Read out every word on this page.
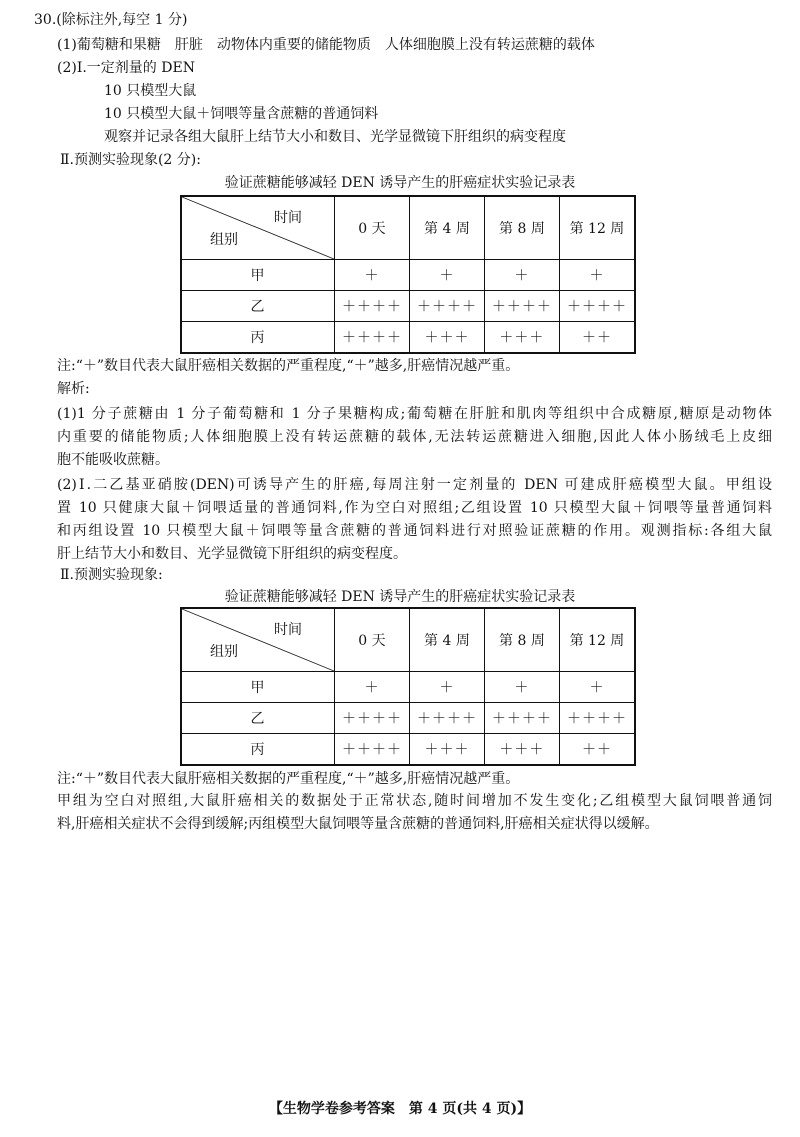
30.(除标注外,每空 1 分)
(1)葡萄糖和果糖　肝脏　动物体内重要的储能物质　人体细胞膜上没有转运蔗糖的载体
(2)Ⅰ.一定剂量的 DEN
10 只模型大鼠
10 只模型大鼠＋饲喂等量含蔗糖的普通饲料
观察并记录各组大鼠肝上结节大小和数目、光学显微镜下肝组织的病变程度
Ⅱ.预测实验现象(2 分):
验证蔗糖能够减轻 DEN 诱导产生的肝癌症状实验记录表
时间
组别	0 天	第 4 周	第 8 周	第 12 周
甲	＋	＋	＋	＋
乙	＋＋＋＋	＋＋＋＋	＋＋＋＋	＋＋＋＋
丙	＋＋＋＋	＋＋＋	＋＋＋	＋＋
注:“＋”数目代表大鼠肝癌相关数据的严重程度,“＋”越多,肝癌情况越严重。
解析:
(1)1 分子蔗糖由 1 分子葡萄糖和 1 分子果糖构成;葡萄糖在肝脏和肌肉等组织中合成糖原,糖原是动物体
内重要的储能物质;人体细胞膜上没有转运蔗糖的载体,无法转运蔗糖进入细胞,因此人体小肠绒毛上皮细
胞不能吸收蔗糖。
(2)Ⅰ.二乙基亚硝胺(DEN)可诱导产生的肝癌,每周注射一定剂量的 DEN 可建成肝癌模型大鼠。甲组设
置 10 只健康大鼠＋饲喂适量的普通饲料,作为空白对照组;乙组设置 10 只模型大鼠＋饲喂等量普通饲料
和丙组设置 10 只模型大鼠＋饲喂等量含蔗糖的普通饲料进行对照验证蔗糖的作用。观测指标:各组大鼠
肝上结节大小和数目、光学显微镜下肝组织的病变程度。
Ⅱ.预测实验现象:
验证蔗糖能够减轻 DEN 诱导产生的肝癌症状实验记录表
时间
组别	0 天	第 4 周	第 8 周	第 12 周
甲	＋	＋	＋	＋
乙	＋＋＋＋	＋＋＋＋	＋＋＋＋	＋＋＋＋
丙	＋＋＋＋	＋＋＋	＋＋＋	＋＋
注:“＋”数目代表大鼠肝癌相关数据的严重程度,“＋”越多,肝癌情况越严重。
甲组为空白对照组,大鼠肝癌相关的数据处于正常状态,随时间增加不发生变化;乙组模型大鼠饲喂普通饲
料,肝癌相关症状不会得到缓解;丙组模型大鼠饲喂等量含蔗糖的普通饲料,肝癌相关症状得以缓解。
【生物学卷参考答案　第 4 页(共 4 页)】
